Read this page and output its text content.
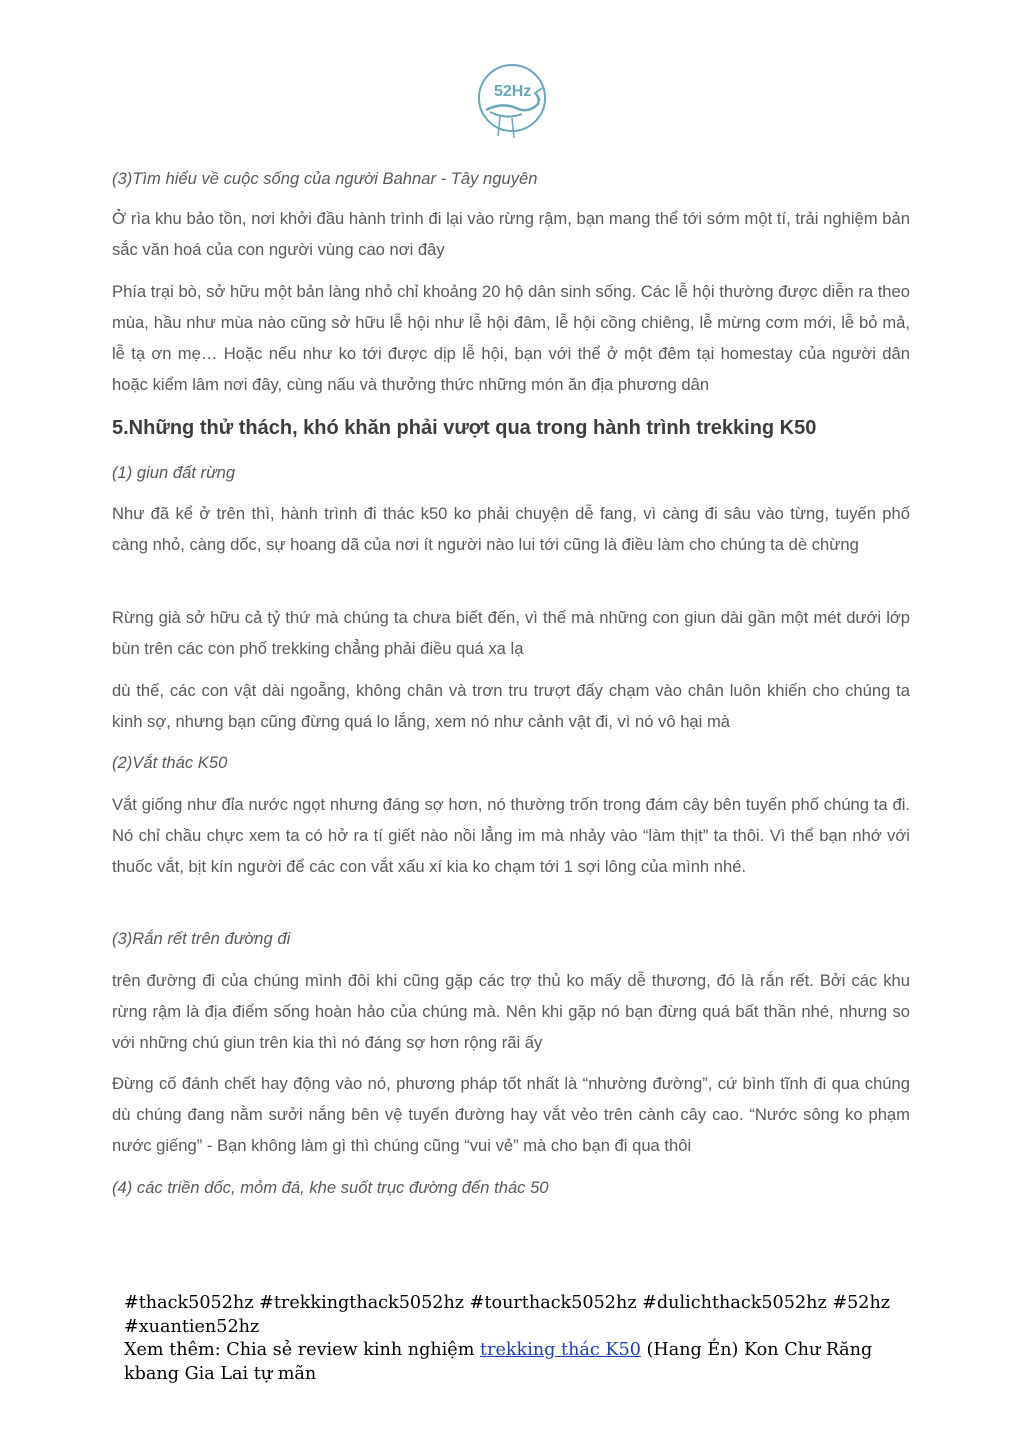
52Hz

(3)Tìm hiểu về cuộc sống của người Bahnar - Tây nguyên

Ở rìa khu bảo tồn, nơi khởi đầu hành trình đi lại vào rừng rậm, bạn mang thể tới sớm một tí, trải nghiệm bản sắc văn hoá của con người vùng cao nơi đây

Phía trại bò, sở hữu một bản làng nhỏ chỉ khoảng 20 hộ dân sinh sống. Các lễ hội thường được diễn ra theo mùa, hầu như mùa nào cũng sở hữu lễ hội như lễ hội đâm, lễ hội cồng chiêng, lễ mừng cơm mới, lễ bỏ mả, lễ tạ ơn mẹ… Hoặc nếu như ko tới được dịp lễ hội, bạn với thể ở một đêm tại homestay của người dân hoặc kiểm lâm nơi đây, cùng nấu và thưởng thức những món ăn địa phương dân

5.Những thử thách, khó khăn phải vượt qua trong hành trình trekking K50

(1) giun đất rừng

Như đã kể ở trên thì, hành trình đi thác k50 ko phải chuyện dễ fang, vì càng đi sâu vào từng, tuyến phố càng nhỏ, càng dốc, sự hoang dã của nơi ít người nào lui tới cũng là điều làm cho chúng ta dè chừng

Rừng già sở hữu cả tỷ thứ mà chúng ta chưa biết đến, vì thế mà những con giun dài gần một mét dưới lớp bùn trên các con phố trekking chẳng phải điều quá xa lạ

dù thế, các con vật dài ngoẵng, không chân và trơn tru trượt đấy chạm vào chân luôn khiến cho chúng ta kinh sợ, nhưng bạn cũng đừng quá lo lắng, xem nó như cảnh vật đi, vì nó vô hại mà

(2)Vắt thác K50

Vắt giống như đỉa nước ngọt nhưng đáng sợ hơn, nó thường trốn trong đám cây bên tuyến phố chúng ta đi. Nó chỉ chầu chực xem ta có hở ra tí giết nào nồi lẳng im mà nhảy vào “làm thịt” ta thôi. Vì thể bạn nhớ với thuốc vắt, bịt kín người để các con vắt xấu xí kia ko chạm tới 1 sợi lông của mình nhé.

(3)Rắn rết trên đường đi

trên đường đi của chúng mình đôi khi cũng gặp các trợ thủ ko mấy dễ thương, đó là rắn rết. Bởi các khu rừng rậm là địa điểm sống hoàn hảo của chúng mà. Nên khi gặp nó bạn đừng quá bất thần nhé, nhưng so với những chú giun trên kia thì nó đáng sợ hơn rộng rãi ấy

Đừng cố đánh chết hay động vào nó, phương pháp tốt nhất là “nhường đường”, cứ bình tĩnh đi qua chúng dù chúng đang nằm sưởi nắng bên vệ tuyến đường hay vắt vẻo trên cành cây cao. “Nước sông ko phạm nước giếng” - Bạn không làm gì thì chúng cũng “vui vẻ” mà cho bạn đi qua thôi

(4) các triền dốc, mỏm đá, khe suốt trục đường đến thác 50

#thack5052hz #trekkingthack5052hz #tourthack5052hz #dulichthack5052hz #52hz #xuantien52hz
Xem thêm: Chia sẻ review kinh nghiệm trekking thác K50 (Hang Én) Kon Chư Răng kbang Gia Lai tự mãn
